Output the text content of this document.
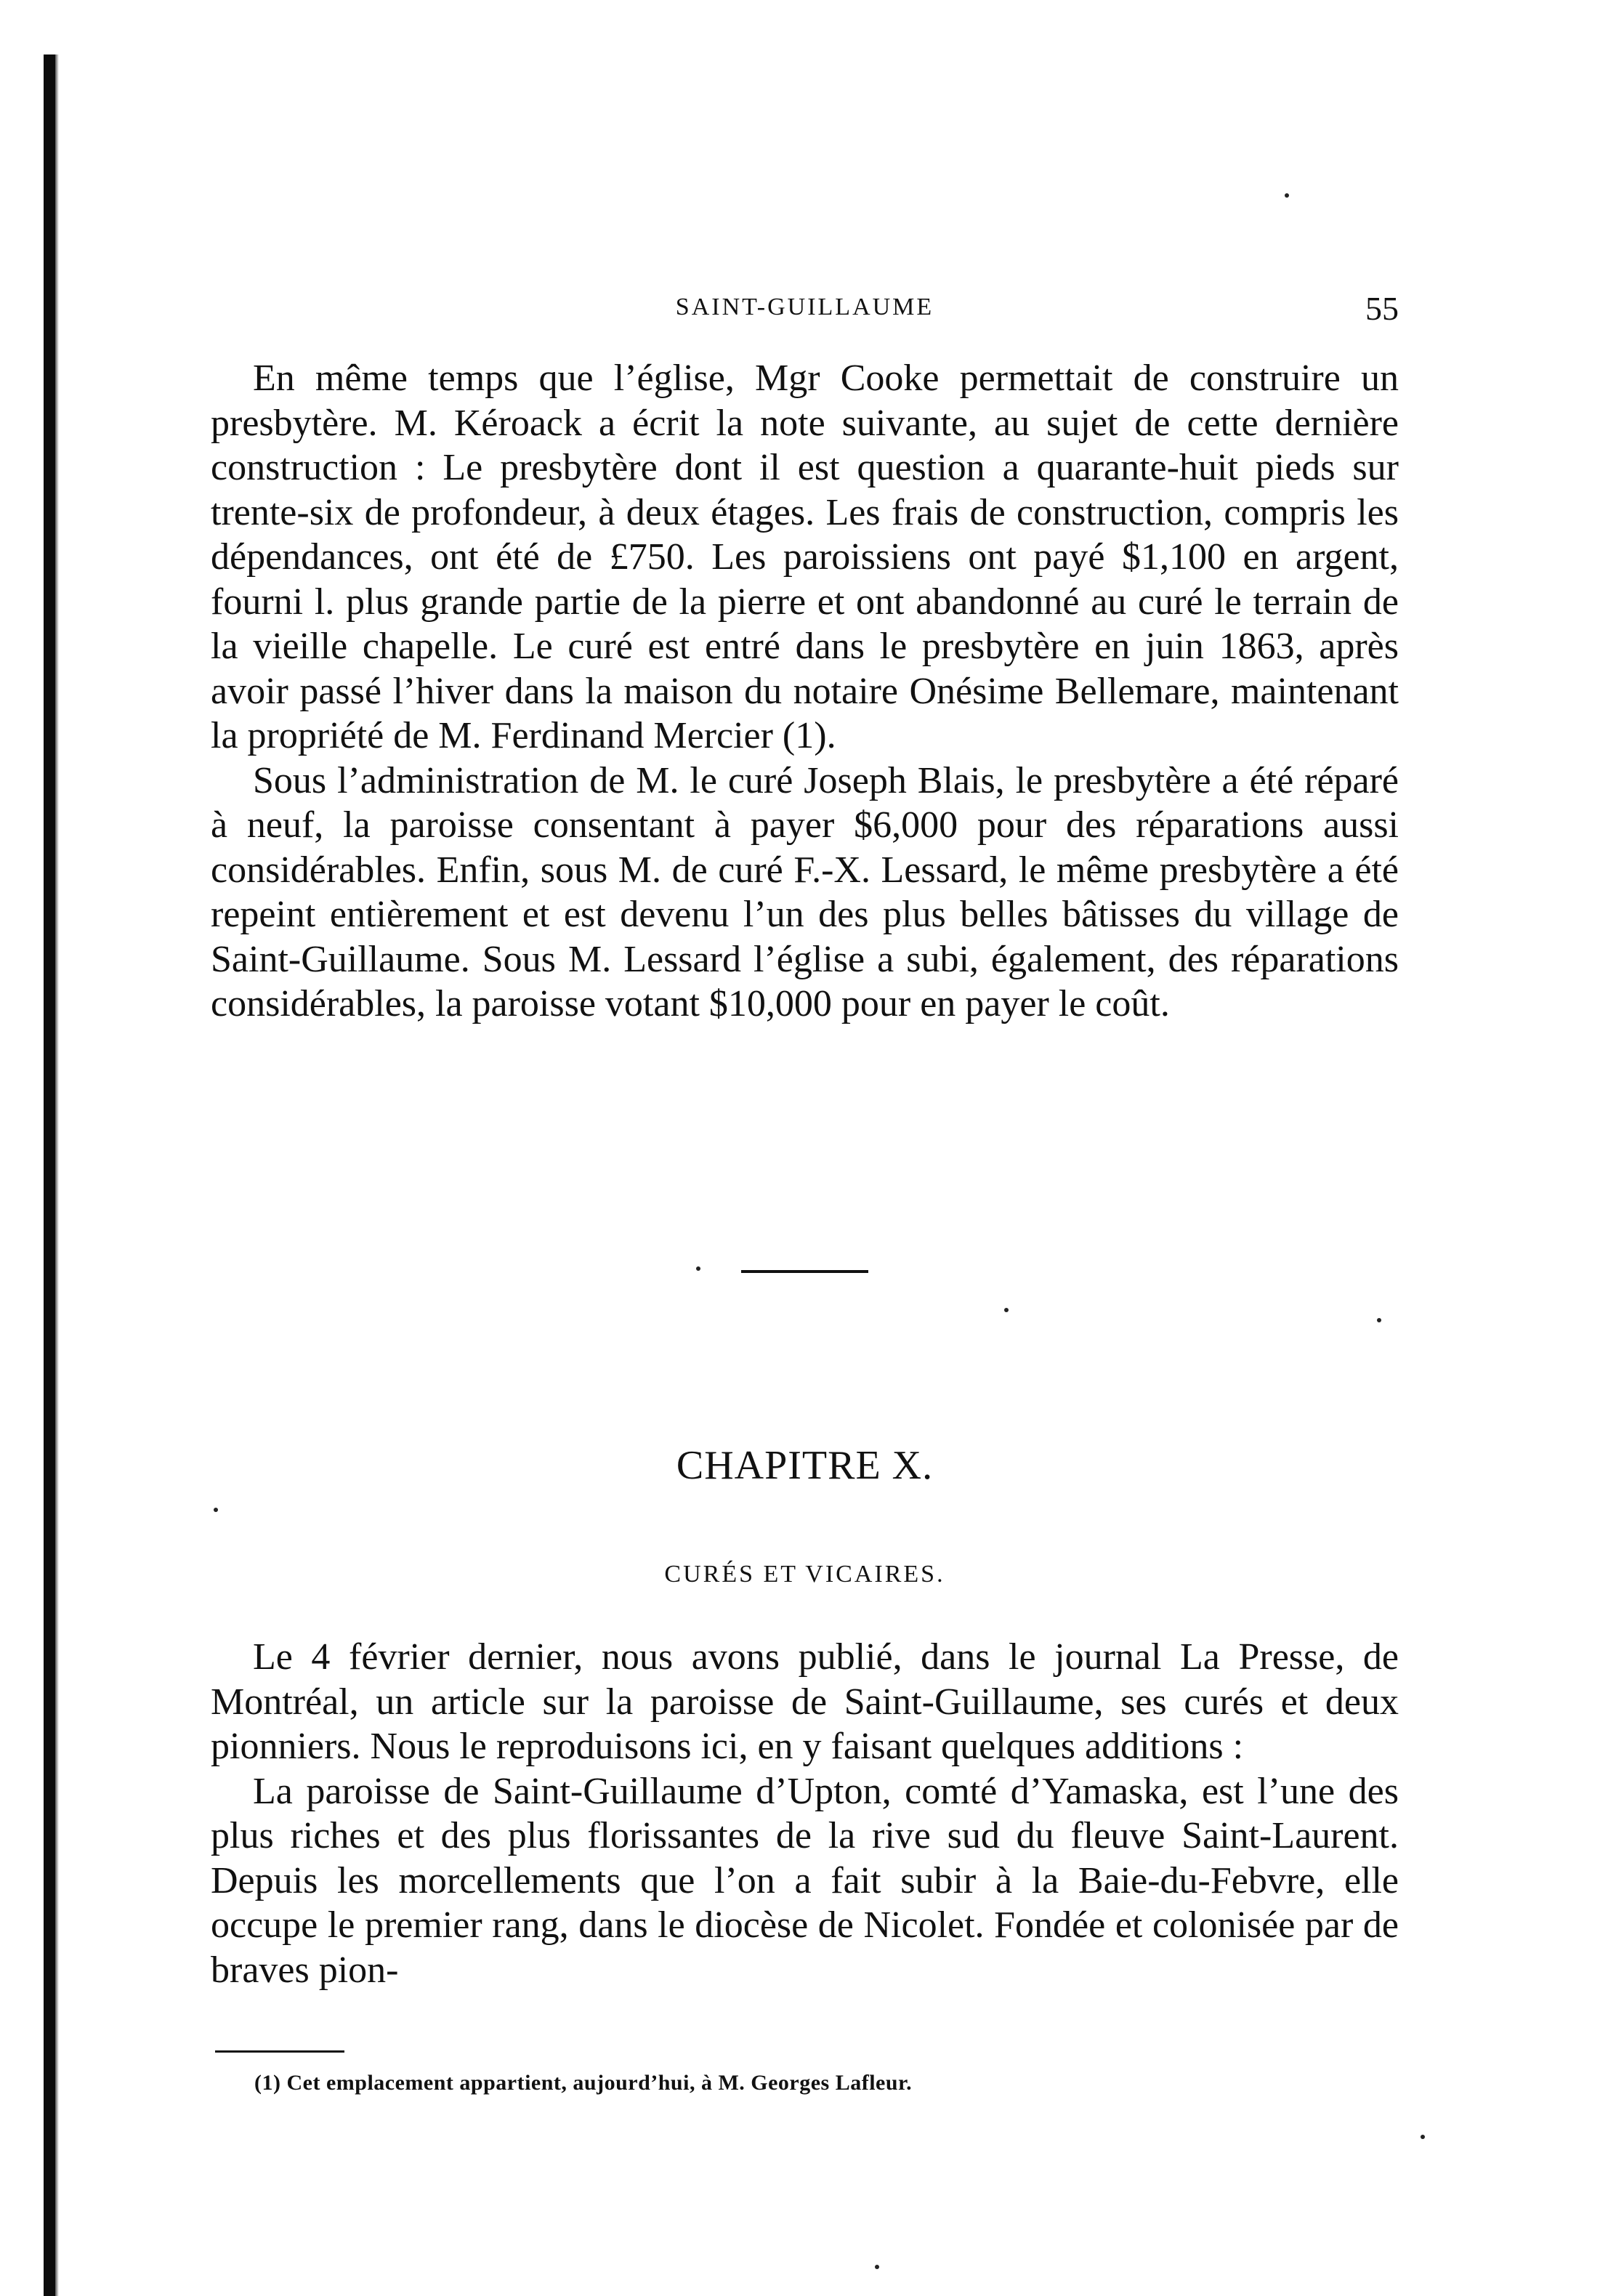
SAINT-GUILLAUME	55

En même temps que l’église, Mgr Cooke permettait de construire un presbytère. M. Kéroack a écrit la note suivante, au sujet de cette dernière construction : Le presbytère dont il est question a quarante-huit pieds sur trente-six de profondeur, à deux étages. Les frais de construction, compris les dépendances, ont été de £750. Les paroissiens ont payé $1,100 en argent, fourni l. plus grande partie de la pierre et ont abandonné au curé le terrain de la vieille chapelle. Le curé est entré dans le presbytère en juin 1863, après avoir passé l’hiver dans la maison du notaire Onésime Bellemare, maintenant la propriété de M. Ferdinand Mercier (1).

Sous l’administration de M. le curé Joseph Blais, le presbytère a été réparé à neuf, la paroisse consentant à payer $6,000 pour des réparations aussi considérables. Enfin, sous M. de curé F.-X. Lessard, le même presbytère a été repeint entièrement et est devenu l’un des plus belles bâtisses du village de Saint-Guillaume. Sous M. Lessard l’église a subi, également, des réparations considérables, la paroisse votant $10,000 pour en payer le coût.

CHAPITRE X.
CURÉS ET VICAIRES.

Le 4 février dernier, nous avons publié, dans le journal La Presse, de Montréal, un article sur la paroisse de Saint-Guillaume, ses curés et deux pionniers. Nous le reproduisons ici, en y faisant quelques additions :

La paroisse de Saint-Guillaume d’Upton, comté d’Yamaska, est l’une des plus riches et des plus florissantes de la rive sud du fleuve Saint-Laurent. Depuis les morcellements que l’on a fait subir à la Baie-du-Febvre, elle occupe le premier rang, dans le diocèse de Nicolet. Fondée et colonisée par de braves pion-

(1) Cet emplacement appartient, aujourd’hui, à M. Georges Lafleur.
